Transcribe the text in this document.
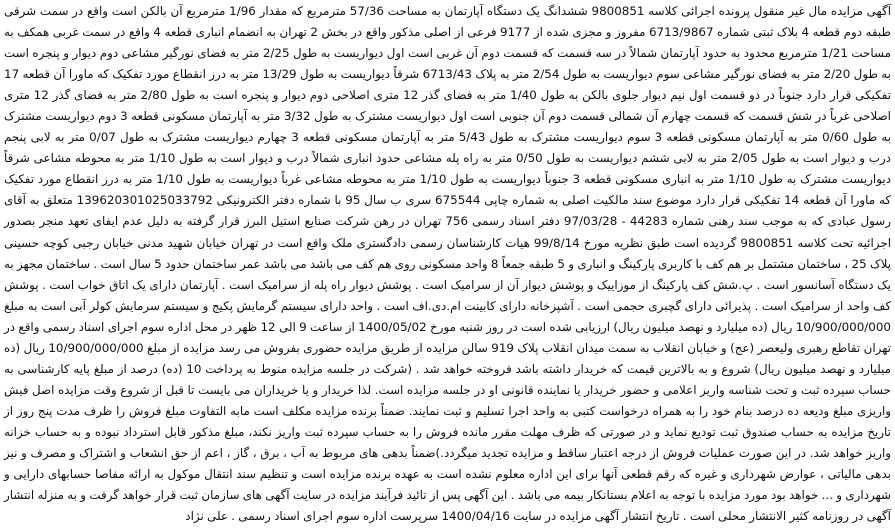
آگهی مزایده مال غیر منقول پرونده اجرائی کلاسه 9800851 ششدانگ یک دستگاه آپارتمان به مساحت 57/36 مترمربع که مقدار 1/96 مترمربع آن بالکن است واقع در سمت شرقی طبقه دوم قطعه 4 بلاک ثبتی شماره 6713/9867 مفروز و مجزی شده از 9177 فرعی از اصلی مذکور واقع در بخش 2 تهران به انضمام انباری قطعه 4 واقع در سمت غربی همکف به مساحت 1/21 مترمربع محدود به حدود آپارتمان شمالاً در سه قسمت که قسمت دوم آن غربی است اول دیواریست به طول 2/25 متر به فضای نورگیر مشاعی دوم دیوار و پنجره است به طول 2/20 متر به فضای نورگیر مشاعی سوم دیواریست به طول 2/54 متر به پلاک 6713/43 شرقاً دیواریست به طول 13/29 متر به درز انقطاع مورد تفکیک که ماورا آن قطعه 17 تفکیکی قرار دارد جنوباً در دو قسمت اول نیم دیوار جلوی بالکن به طول 1/40 متر به فضای گذر 12 متری اصلاحی دوم دیوار و پنجره است به طول 2/80 متر به فضای گذر 12 متری اصلاحی غرباً در شش قسمت که قسمت چهارم آن شمالی قسمت دوم آن جنوبی است اول دیواریست مشترک به طول 3/32 متر به آپارتمان مسکونی قطعه 3 دوم دیواریست مشترک به طول 0/60 متر به آپارتمان مسکونی قطعه 3 سوم دیواریست مشترک به طول 5/43 متر به آپارتمان مسکونی قطعه 3 چهارم دیواریست مشترک به طول 0/07 متر به لابی پنجم درب و دیوار است به طول 2/05 متر به لابی ششم دیواریست به طول 0/50 متر به راه پله مشاعی حدود انباری شمالاً درب و دیوار است به طول 1/10 متر به محوطه مشاعی شرقاً دیواریست مشترک به طول 1/10 متر به انباری مسکونی قطعه 3 جنوباً دیواریست به طول 1/10 متر به محوطه مشاعی غرباً دیواریست به طول 1/10 متر به درز انقطاع مورد تفکیک که ماورا آن قطعه 14 تفکیکی قرار دارد موضوع سند مالکیت اصلی به شماره چاپی 675544 سری ب سال 95 با شماره دفتر الکترونیکی 139620301025033792 متعلق به آقای رسول عبادی که به موجب سند رهنی شماره 44283 - 97/03/28 دفتر اسناد رسمی 756 تهران در رهن شرکت صنایع استیل البرز قرار گرفته به دلیل عدم ایفای تعهد منجر بصدور اجرائیه تحت کلاسه 9800851 گردیده است طبق نظریه مورخ 99/8/14 هیات کارشناسان رسمی دادگستری ملک واقع است در تهران خیابان شهید مدنی خیابان رجبی کوچه حسینی پلاک 25 ، ساختمان مشتمل بر هم کف با کاربری پارکینگ و انباری و 5 طبقه جمعاً 8 واحد مسکونی روی هم کف می باشد می باشد عمر ساختمان حدود 5 سال است . ساختمان مجهز به یک دستگاه آسانسور است . پ.شش کف پارکینگ از موزاییک و پوشش دیوار آن از سرامیک است . پوشش دیوار راه پله از سرامیک است . آپارتمان دارای یک اتاق خواب است . پوشش کف واحد از سرامیک است . پذیرائی دارای گچبری حجمی است . آشپزخانه دارای کابینت ام.دی.اف است . واحد دارای سیستم گرمایش پکیج و سیستم سرمایش کولر آبی است به مبلغ 10/900/000/000 ریال (ده میلیارد و نهصد میلیون ریال) ارزیابی شده است در روز شنبه مورخ 1400/05/02 از ساعت 9 الی 12 ظهر در محل اداره سوم اجرای اسناد رسمی واقع در تهران تقاطع رهبری ولیعصر (عج) و خیابان انقلاب به سمت میدان انقلاب پلاک 919 سالن مزایده از طریق مزایده حضوری بفروش می رسد مزایده از مبلغ 10/900/000/000 ریال (ده میلیارد و نهصد میلیون ریال) شروع و به بالاترین قیمت که خریدار داشته باشد فروخته خواهد شد . (شرکت در جلسه مزایده منوط به پرداخت 10 (ده) درصد از مبلغ پایه کارشناسی به حساب سپرده ثبت و تحت شناسه واریز اعلامی و حضور خریدار یا نماینده قانونی او در جلسه مزایده است. لذا خریدار و یا خریداران می بایست تا قبل از شروع وقت مزایده اصل فیش واریزی مبلغ ودیعه ده درصد بنام خود را به همراه درخواست کتبی به واحد اجرا تسلیم و ثبت نمایند. ضمناً برنده مزایده مکلف است مابه التفاوت مبلغ فروش را ظرف مدت پنج روز از تاریخ مزایده به حساب صندوق ثبت تودیع نماید و در صورتی که ظرف مهلت مقرر مانده فروش را به حساب سپرده ثبت واریز نکند، مبلغ مذکور قابل استرداد نبوده و به حساب خزانه واریز خواهد شد. در این صورت عملیات فروش از درجه اعتبار ساقط و مزایده تجدید میگردد.)ضمناً بدهی های مربوط به آب ، برق ، گاز ، اعم از حق انشعاب و اشتراک و مصرف و نیز بدهی مالیاتی ، عوارض شهرداری و غیره که رقم قطعی آنها برای این اداره معلوم نشده است به عهده برنده مزایده است و تنظیم سند انتقال موکول به ارائه مفاصا حسابهای دارایی و شهرداری و ... خواهد بود مورد مزایده با توجه به اعلام بستانکار بیمه می باشد . این آگهی پس از تائید فرآیند مزایده در سایت آگهی های سازمان ثبت قرار خواهد گرفت و به منزله انتشار آگهی در روزنامه کثیر الانتشار محلی است . تاریخ انتشار آگهی مزایده در سایت 1400/04/16 سرپرست اداره سوم اجرای اسناد رسمی . علی نژاد
